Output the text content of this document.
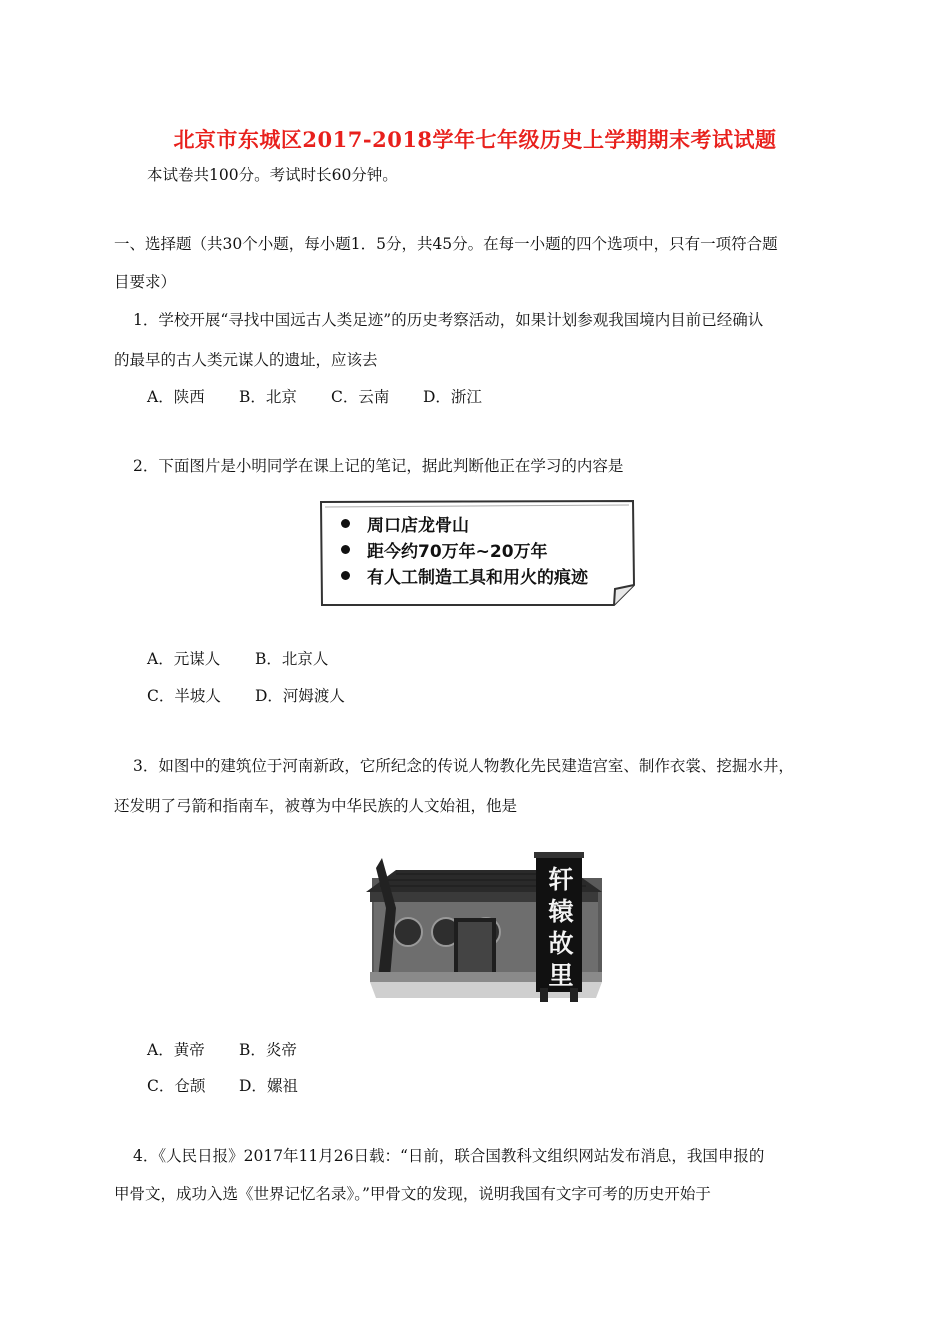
北京市东城区2017-2018学年七年级历史上学期期末考试试题
本试卷共100分。考试时长60分钟。
一、选择题（共30个小题，每小题1．5分，共45分。在每一小题的四个选项中，只有一项符合题
目要求）
1．学校开展“寻找中国远古人类足迹”的历史考察活动，如果计划参观我国境内目前已经确认
的最早的古人类元谋人的遗址，应该去
A．陕西 B．北京 C．云南 D．浙江
2．下面图片是小明同学在课上记的笔记，据此判断他正在学习的内容是
周口店龙骨山
距今约70万年~20万年
有人工制造工具和用火的痕迹
A．元谋人 B．北京人
C．半坡人 D．河姆渡人
3．如图中的建筑位于河南新政，它所纪念的传说人物教化先民建造宫室、制作衣裳、挖掘水井，
还发明了弓箭和指南车，被尊为中华民族的人文始祖，他是
轩
辕
故
里
A．黄帝 B．炎帝
C．仓颉 D．嫘祖
4．《人民日报》2017年11月26日载：“日前，联合国教科文组织网站发布消息，我国申报的
甲骨文，成功入选《世界记忆名录》。”甲骨文的发现，说明我国有文字可考的历史开始于
